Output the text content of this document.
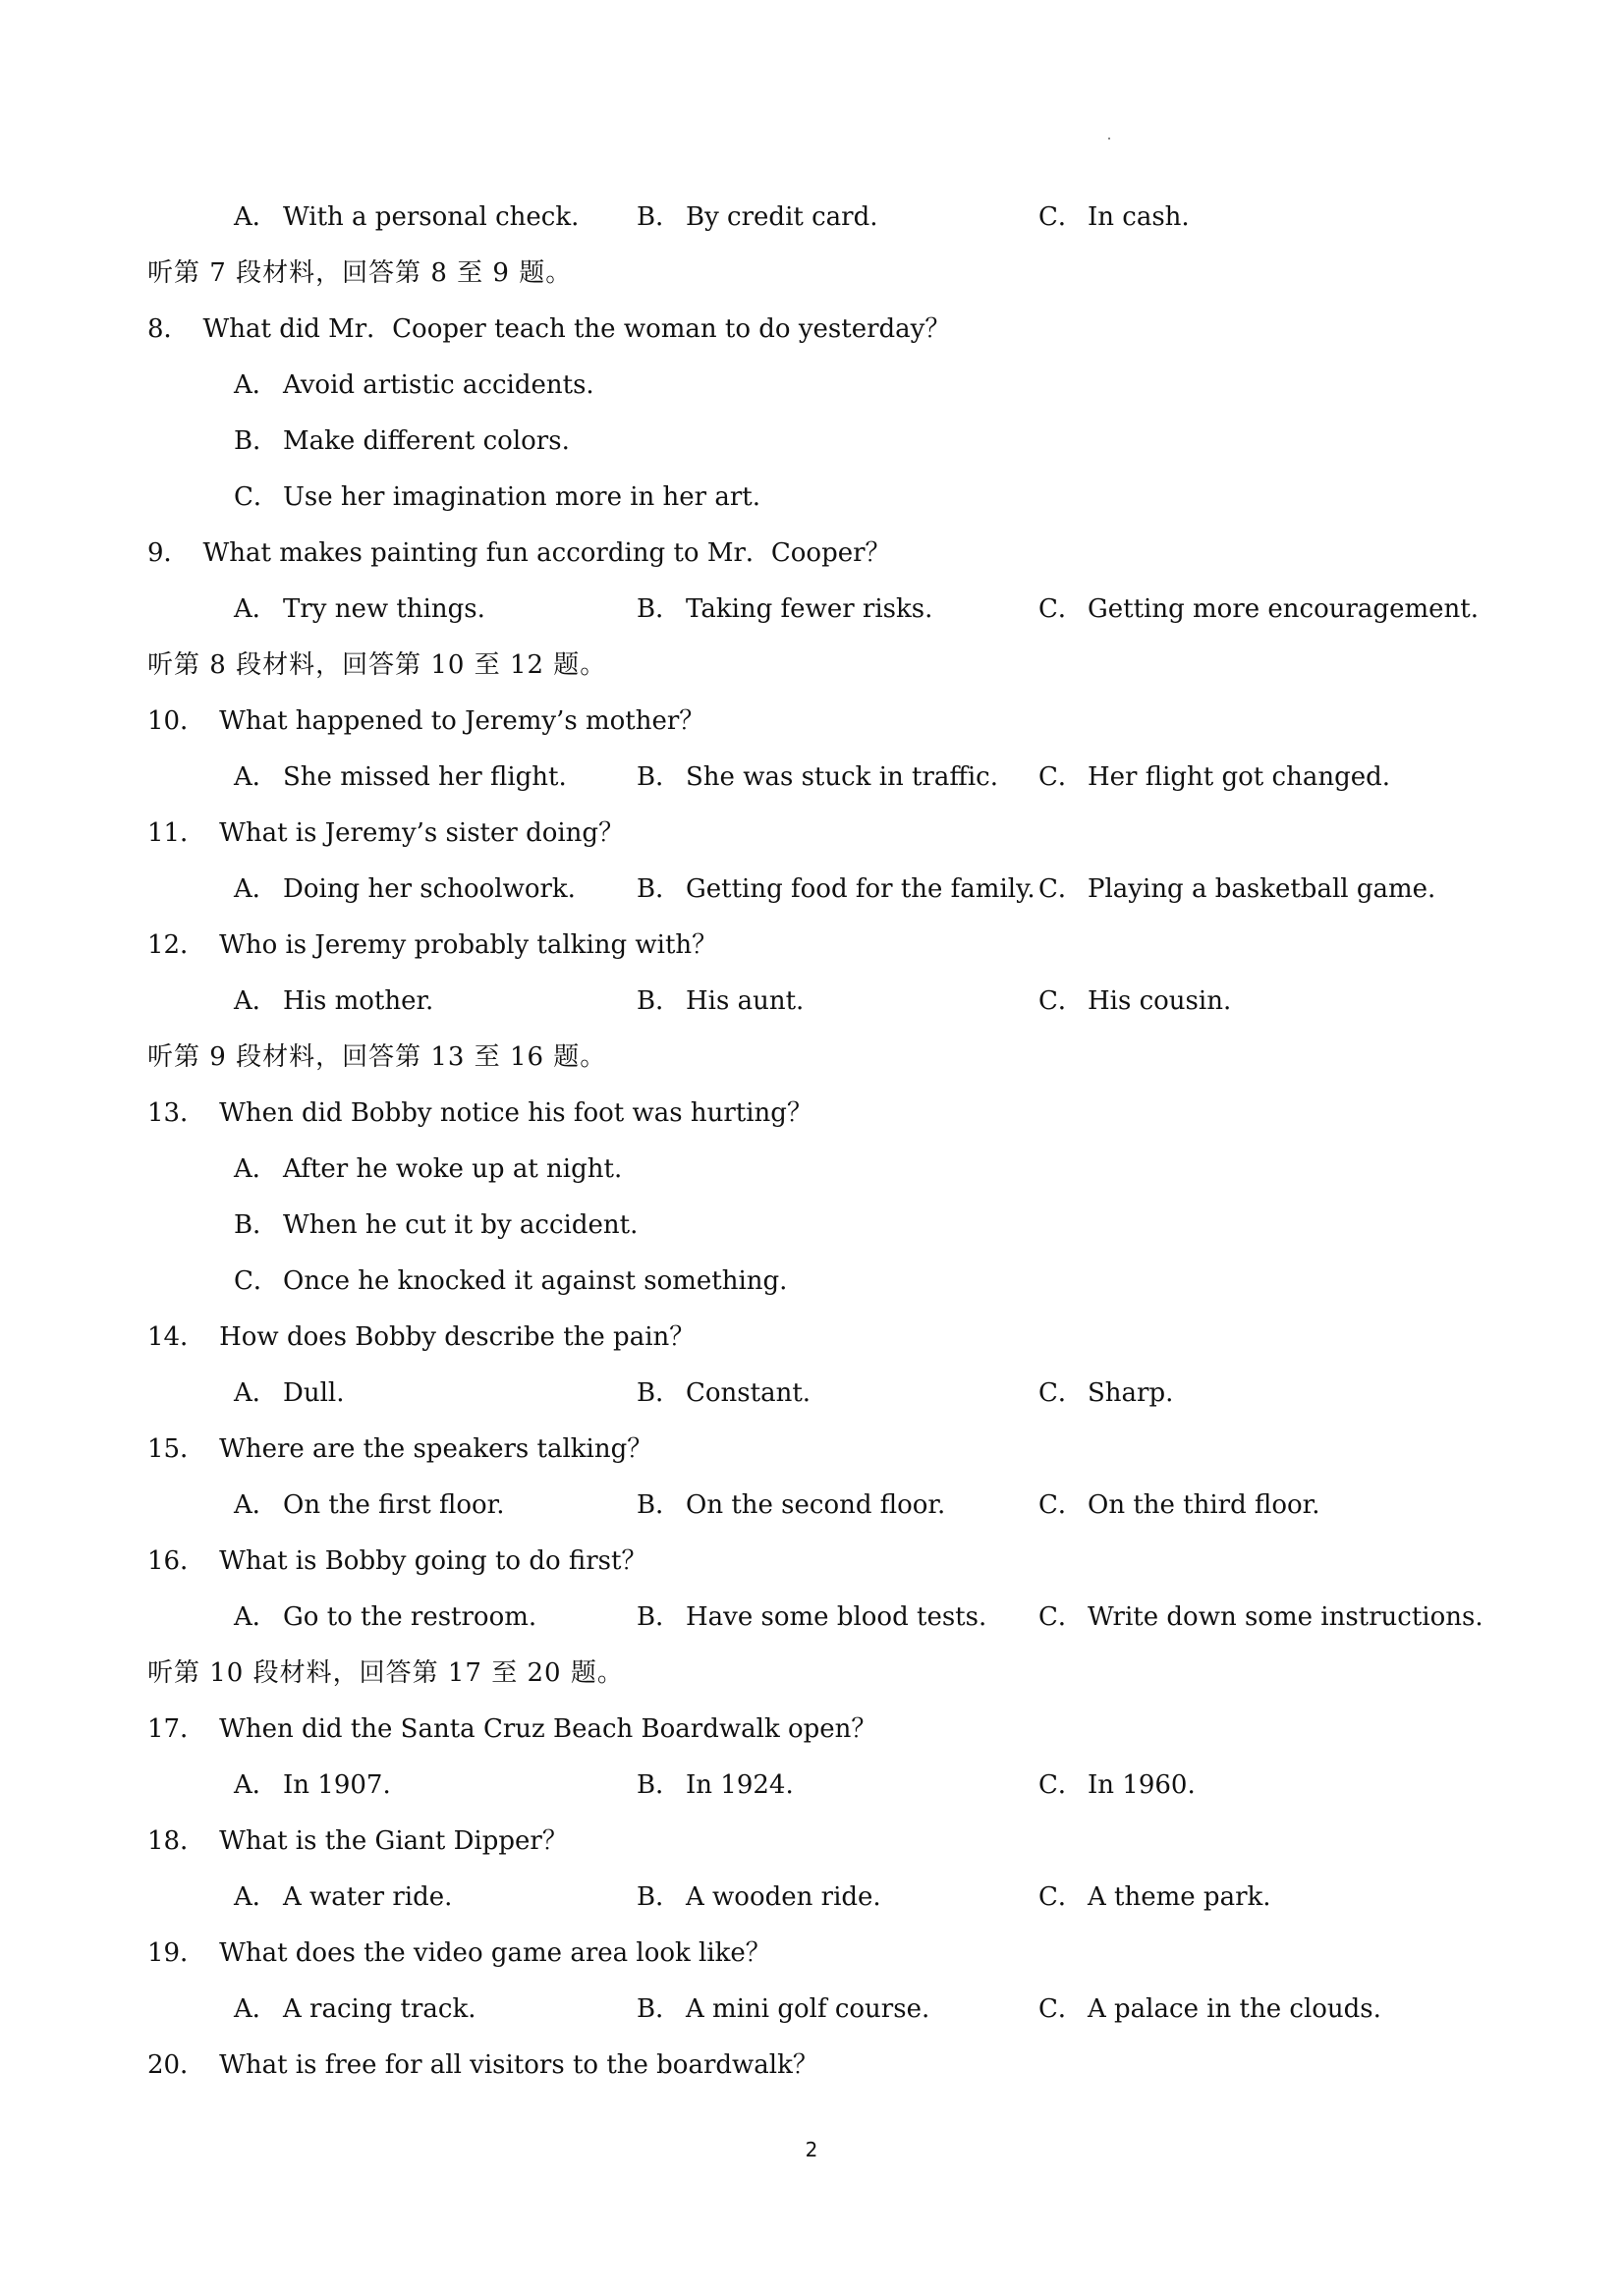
A． With a personal check. B． By credit card.	C． In cash.
听第 7 段材料，回答第 8 至 9 题。
8． What did Mr．Cooper teach the woman to do yesterday？
A． Avoid artistic accidents.
B． Make different colors.
C． Use her imagination more in her art.
9． What makes painting fun according to Mr．Cooper？
A． Try new things.	B． Taking fewer risks.	C． Getting more encouragement.
听第 8 段材料，回答第 10 至 12 题。
10． What happened to Jeremy’s mother？
A． She missed her flight.	B． She was stuck in traffic. C． Her flight got changed.
11． What is Jeremy’s sister doing？
A． Doing her schoolwork. B． Getting food for the family. C． Playing a basketball game.
12． Who is Jeremy probably talking with？
A． His mother.	B． His aunt.	C． His cousin.
听第 9 段材料，回答第 13 至 16 题。
13． When did Bobby notice his foot was hurting？
A． After he woke up at night.
B． When he cut it by accident.
C． Once he knocked it against something.
14． How does Bobby describe the pain？
A． Dull.	B． Constant.	C． Sharp.
15． Where are the speakers talking？
A． On the first floor.	B． On the second floor.	C． On the third floor.
16． What is Bobby going to do first？
A． Go to the restroom.	B． Have some blood tests. C． Write down some instructions.
听第 10 段材料，回答第 17 至 20 题。
17． When did the Santa Cruz Beach Boardwalk open？
A． In 1907.	B． In 1924.	C． In 1960.
18． What is the Giant Dipper？
A． A water ride.	B． A wooden ride.	C． A theme park.
19． What does the video game area look like？
A． A racing track.	B． A mini golf course.	C． A palace in the clouds.
20． What is free for all visitors to the boardwalk？
2
